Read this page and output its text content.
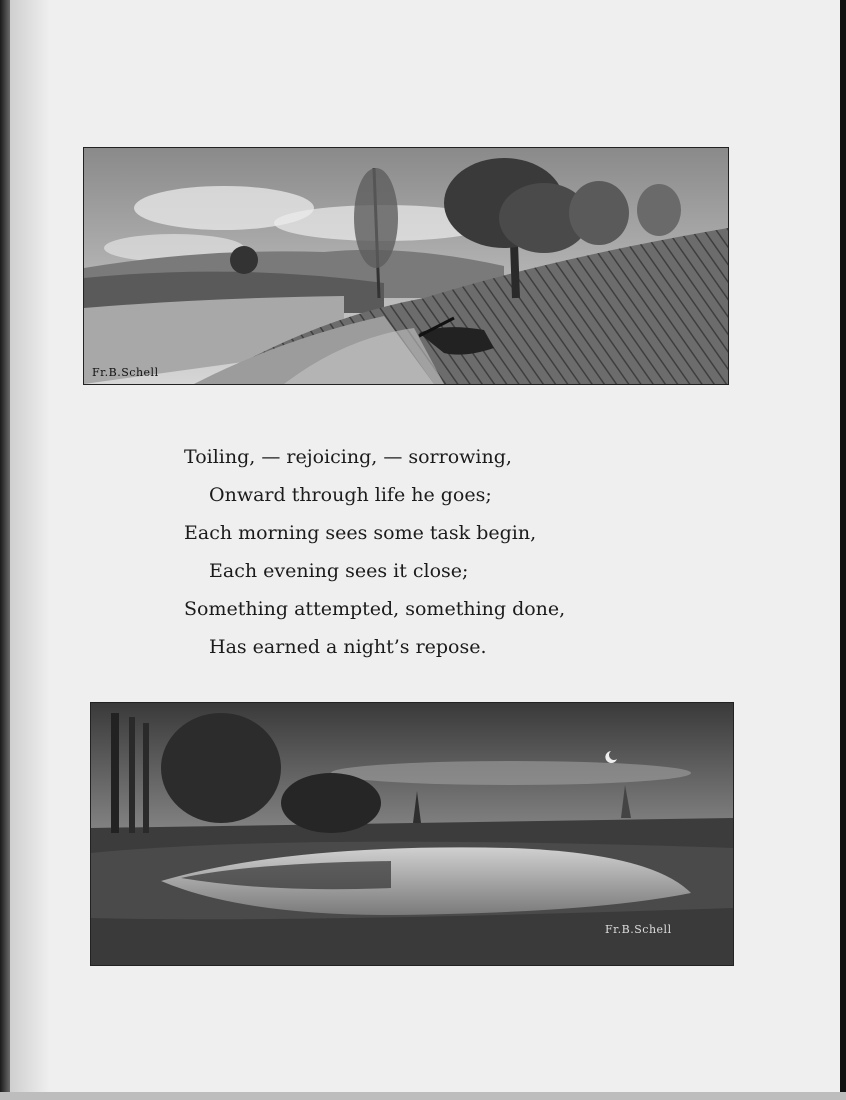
Fr.B.Schell
Toiling, — rejoicing, — sorrowing,
Onward through life he goes;
Each morning sees some task begin,
Each evening sees it close;
Something attempted, something done,
Has earned a night’s repose.
Fr.B.Schell
